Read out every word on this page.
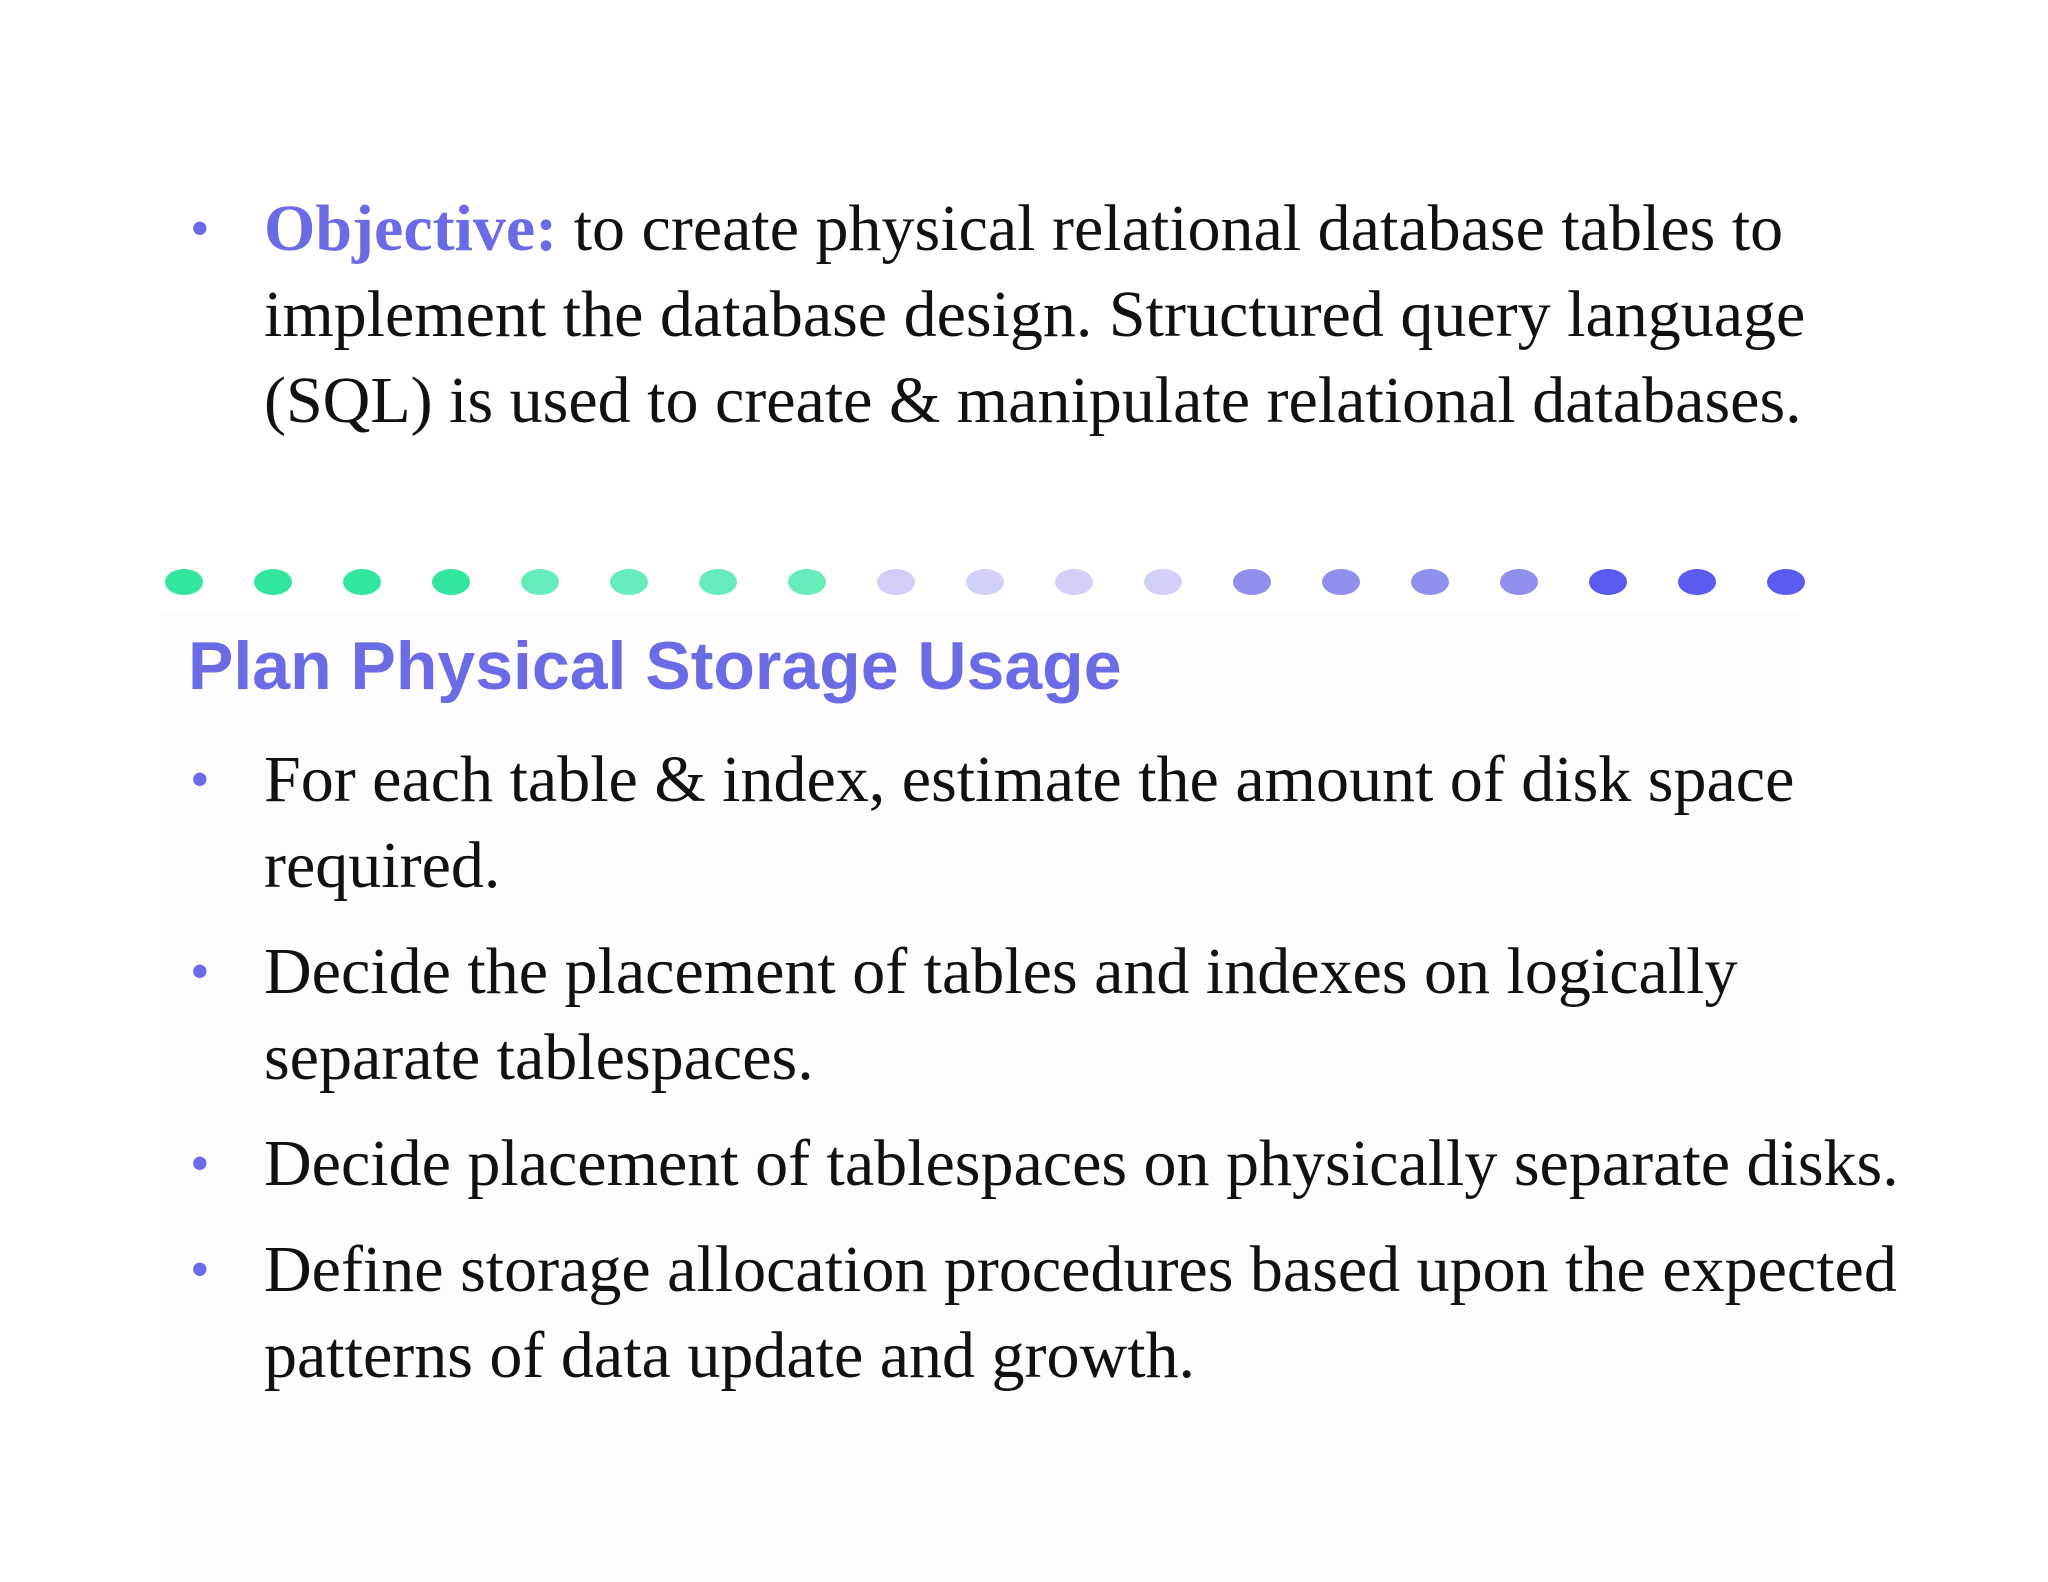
• Objective: to create physical relational database tables to implement the database design. Structured query language (SQL) is used to create & manipulate relational databases.
Plan Physical Storage Usage
• For each table & index, estimate the amount of disk space required.
• Decide the placement of tables and indexes on logically separate tablespaces.
• Decide placement of tablespaces on physically separate disks.
• Define storage allocation procedures based upon the expected patterns of data update and growth.
